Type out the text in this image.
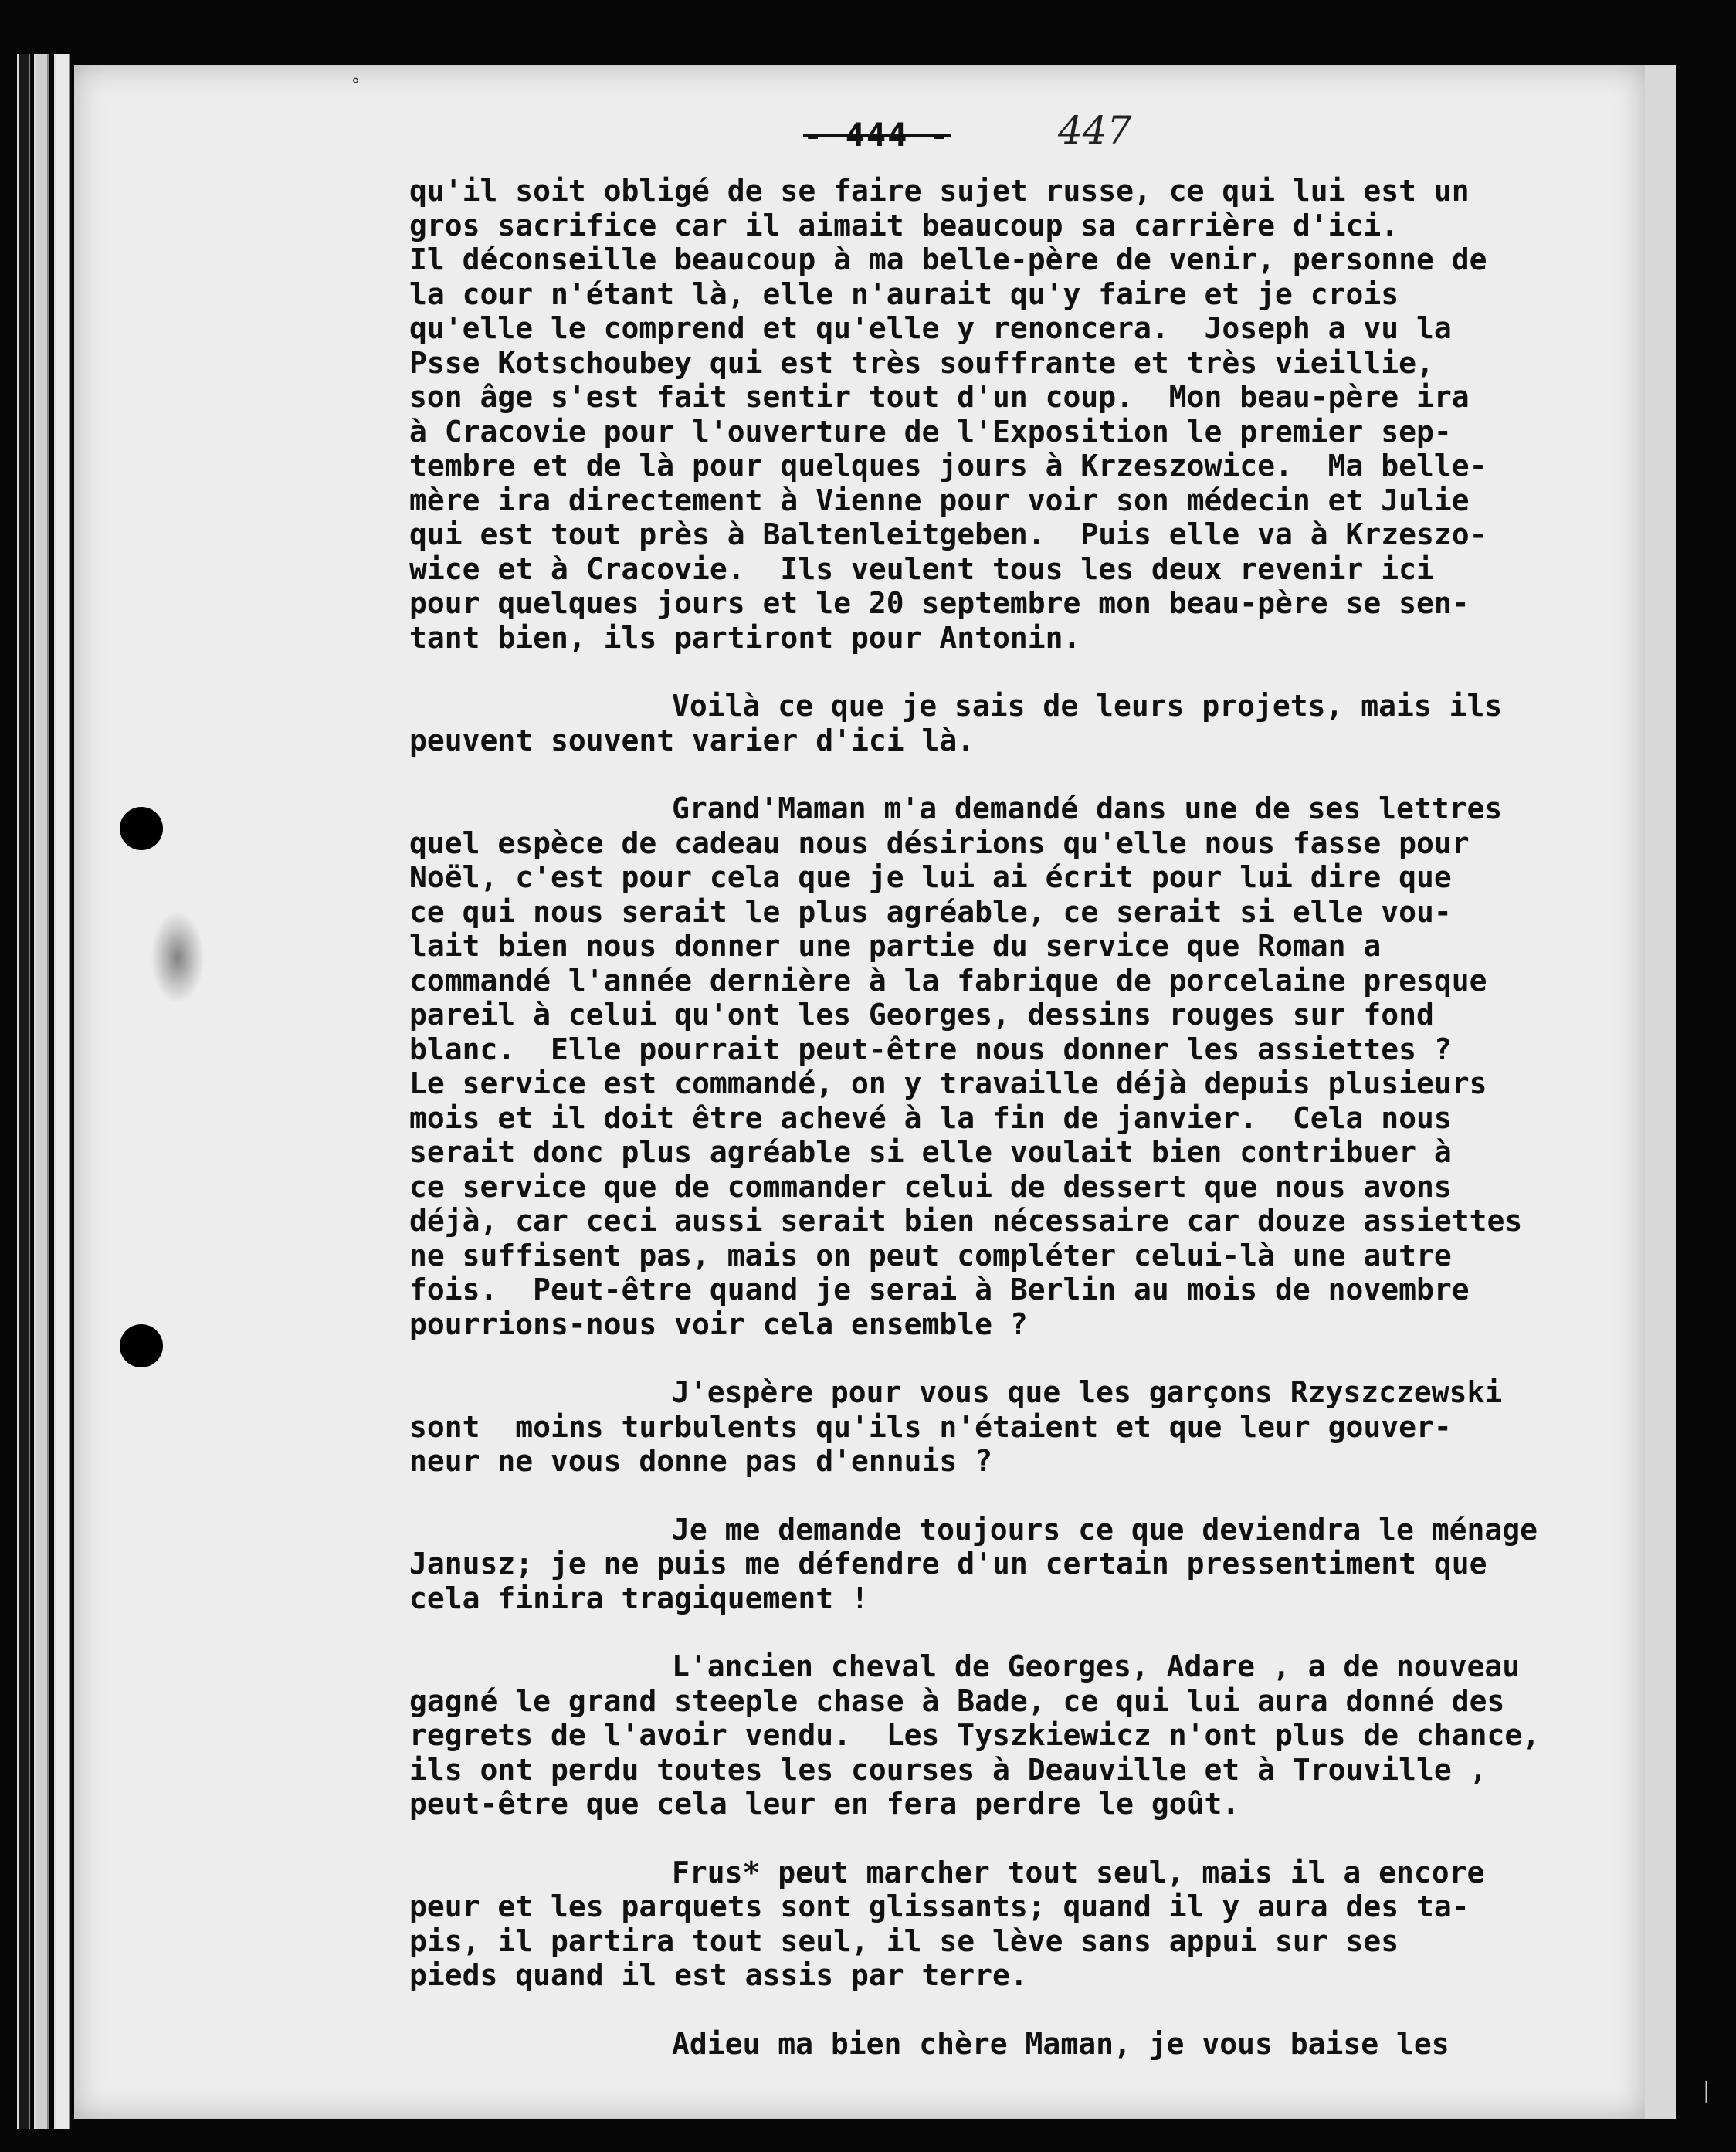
°
- 444 -	447
qu'il soit obligé de se faire sujet russe, ce qui lui est un
gros sacrifice car il aimait beaucoup sa carrière d'ici.
Il déconseille beaucoup à ma belle-père de venir, personne de
la cour n'étant là, elle n'aurait qu'y faire et je crois
qu'elle le comprend et qu'elle y renoncera.  Joseph a vu la
Psse Kotschoubey qui est très souffrante et très vieillie,
son âge s'est fait sentir tout d'un coup.  Mon beau-père ira
à Cracovie pour l'ouverture de l'Exposition le premier sep-
tembre et de là pour quelques jours à Krzeszowice.  Ma belle-
mère ira directement à Vienne pour voir son médecin et Julie
qui est tout près à Baltenleitgeben.  Puis elle va à Krzeszo-
wice et à Cracovie.  Ils veulent tous les deux revenir ici
pour quelques jours et le 20 septembre mon beau-père se sen-
tant bien, ils partiront pour Antonin.
Voilà ce que je sais de leurs projets, mais ils
peuvent souvent varier d'ici là.
Grand'Maman m'a demandé dans une de ses lettres
quel espèce de cadeau nous désirions qu'elle nous fasse pour
Noël, c'est pour cela que je lui ai écrit pour lui dire que
ce qui nous serait le plus agréable, ce serait si elle vou-
lait bien nous donner une partie du service que Roman a
commandé l'année dernière à la fabrique de porcelaine presque
pareil à celui qu'ont les Georges, dessins rouges sur fond
blanc.  Elle pourrait peut-être nous donner les assiettes ?
Le service est commandé, on y travaille déjà depuis plusieurs
mois et il doit être achevé à la fin de janvier.  Cela nous
serait donc plus agréable si elle voulait bien contribuer à
ce service que de commander celui de dessert que nous avons
déjà, car ceci aussi serait bien nécessaire car douze assiettes
ne suffisent pas, mais on peut compléter celui-là une autre
fois.  Peut-être quand je serai à Berlin au mois de novembre
pourrions-nous voir cela ensemble ?
J'espère pour vous que les garçons Rzyszczewski
sont  moins turbulents qu'ils n'étaient et que leur gouver-
neur ne vous donne pas d'ennuis ?
Je me demande toujours ce que deviendra le ménage
Janusz; je ne puis me défendre d'un certain pressentiment que
cela finira tragiquement !
L'ancien cheval de Georges, Adare , a de nouveau
gagné le grand steeple chase à Bade, ce qui lui aura donné des
regrets de l'avoir vendu.  Les Tyszkiewicz n'ont plus de chance,
ils ont perdu toutes les courses à Deauville et à Trouville ,
peut-être que cela leur en fera perdre le goût.
Frus* peut marcher tout seul, mais il a encore
peur et les parquets sont glissants; quand il y aura des ta-
pis, il partira tout seul, il se lève sans appui sur ses
pieds quand il est assis par terre.
Adieu ma bien chère Maman, je vous baise les
|
